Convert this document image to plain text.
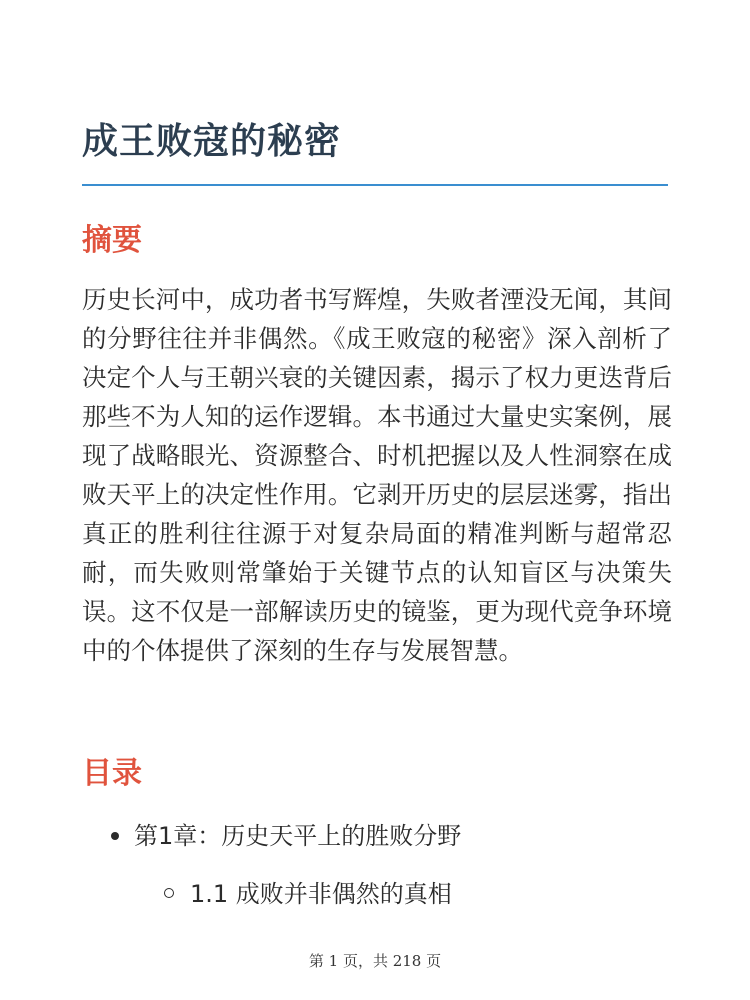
成王败寇的秘密
摘要

历史长河中，成功者书写辉煌，失败者湮没无闻，其间的分野往往并非偶然。《成王败寇的秘密》深入剖析了决定个人与王朝兴衰的关键因素，揭示了权力更迭背后那些不为人知的运作逻辑。本书通过大量史实案例，展现了战略眼光、资源整合、时机把握以及人性洞察在成败天平上的决定性作用。它剥开历史的层层迷雾，指出真正的胜利往往源于对复杂局面的精准判断与超常忍耐，而失败则常肇始于关键节点的认知盲区与决策失误。这不仅是一部解读历史的镜鉴，更为现代竞争环境中的个体提供了深刻的生存与发展智慧。

目录
第1章：历史天平上的胜败分野
1.1 成败并非偶然的真相
第 1 页，共 218 页
